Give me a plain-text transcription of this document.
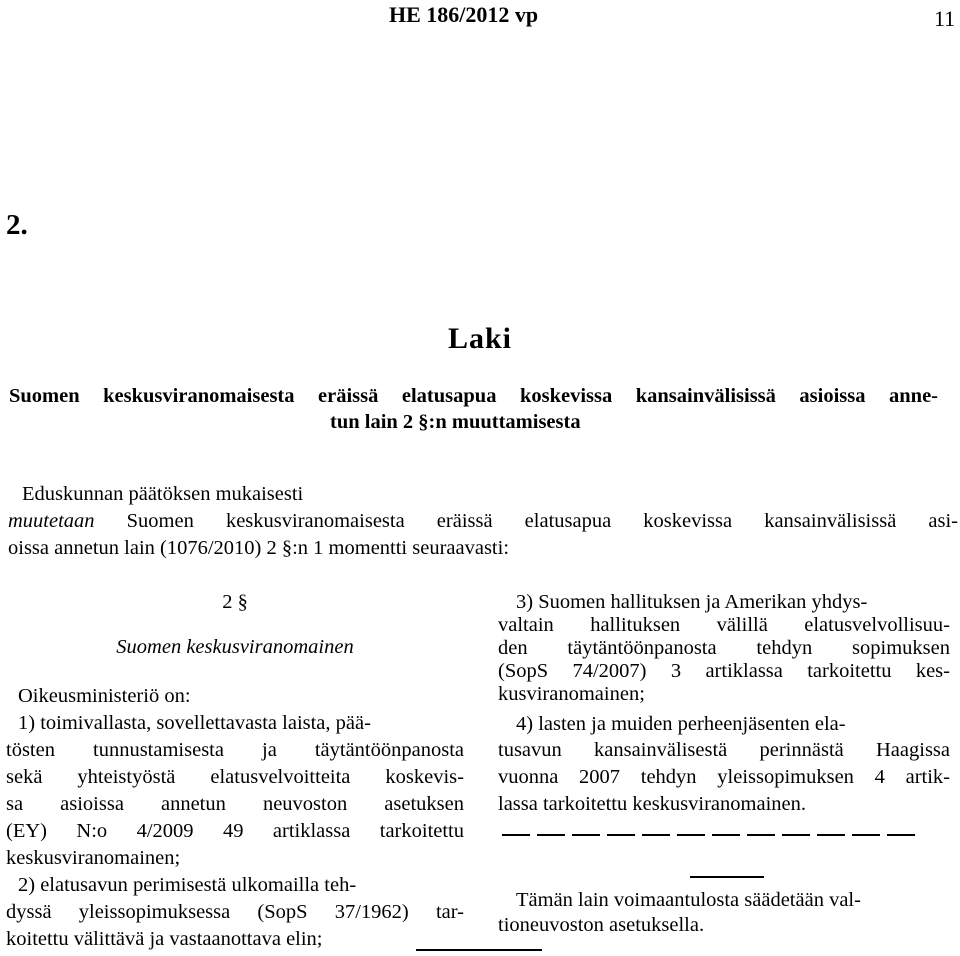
HE 186/2012 vp	11
2.
Laki
Suomen keskusviranomaisesta eräissä elatusapua koskevissa kansainvälisissä asioissa anne-
tun lain 2 §:n muuttamisesta
Eduskunnan päätöksen mukaisesti
muutetaan Suomen keskusviranomaisesta eräissä elatusapua koskevissa kansainvälisissä asi-
oissa annetun lain (1076/2010) 2 §:n 1 momentti seuraavasti:
2 §
Suomen keskusviranomainen
Oikeusministeriö on:
1) toimivallasta, sovellettavasta laista, pää-
tösten tunnustamisesta ja täytäntöönpanosta
sekä yhteistyöstä elatusvelvoitteita koskevis-
sa asioissa annetun neuvoston asetuksen
(EY) N:o 4/2009 49 artiklassa tarkoitettu
keskusviranomainen;
2) elatusavun perimisestä ulkomailla teh-
dyssä yleissopimuksessa (SopS 37/1962) tar-
koitettu välittävä ja vastaanottava elin;
3) Suomen hallituksen ja Amerikan yhdys-
valtain hallituksen välillä elatusvelvollisuu-
den täytäntöönpanosta tehdyn sopimuksen
(SopS 74/2007) 3 artiklassa tarkoitettu kes-
kusviranomainen;
4) lasten ja muiden perheenjäsenten ela-
tusavun kansainvälisestä perinnästä Haagissa
vuonna 2007 tehdyn yleissopimuksen 4 artik-
lassa tarkoitettu keskusviranomainen.
Tämän lain voimaantulosta säädetään val-
tioneuvoston asetuksella.
